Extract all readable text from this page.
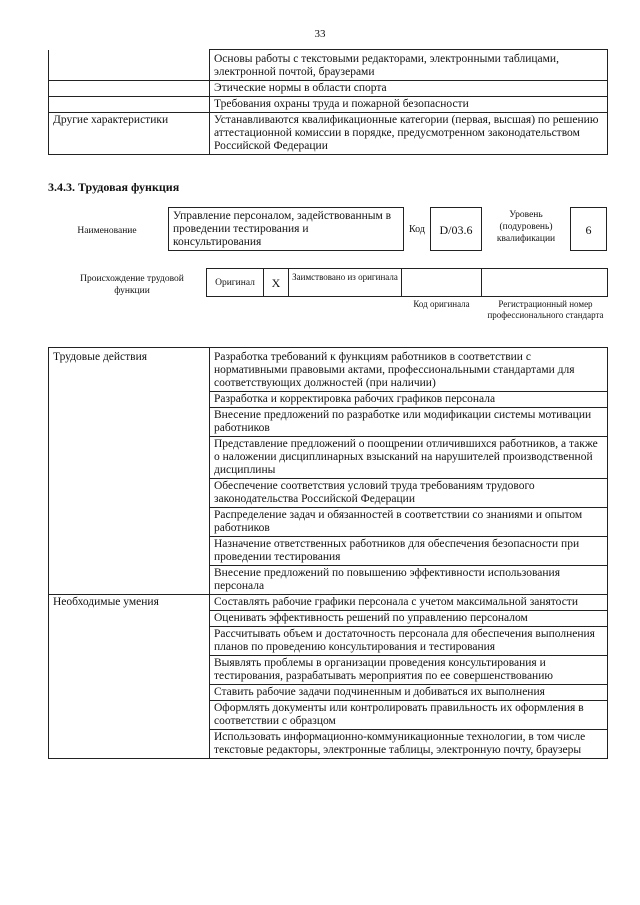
33
	Основы работы с текстовыми редакторами, электронными таблицами, электронной почтой, браузерами
	Этические нормы в области спорта
	Требования охраны труда и пожарной безопасности
Другие характеристики	Устанавливаются квалификационные категории (первая, высшая) по решению аттестационной комиссии в порядке, предусмотренном законодательством Российской Федерации
3.4.3. Трудовая функция
Наименование
Управление персоналом, задействованным в проведении тестирования и консультирования
Код	D/03.6
Уровень (подуровень) квалификации
6
Происхождение трудовой функции
Оригинал	X	Заимствовано из оригинала
Код оригинала	Регистрационный номер профессионального стандарта
Трудовые действия	Разработка требований к функциям работников в соответствии с нормативными правовыми актами, профессиональными стандартами для соответствующих должностей (при наличии)
	Разработка и корректировка рабочих графиков персонала
	Внесение предложений по разработке или модификации системы мотивации работников
	Представление предложений о поощрении отличившихся работников, а также о наложении дисциплинарных взысканий на нарушителей производственной дисциплины
	Обеспечение соответствия условий труда требованиям трудового законодательства Российской Федерации
	Распределение задач и обязанностей в соответствии со знаниями и опытом работников
	Назначение ответственных работников для обеспечения безопасности при проведении тестирования
	Внесение предложений по повышению эффективности использования персонала
Необходимые умения	Составлять рабочие графики персонала с учетом максимальной занятости
	Оценивать эффективность решений по управлению персоналом
	Рассчитывать объем и достаточность персонала для обеспечения выполнения планов по проведению консультирования и тестирования
	Выявлять проблемы в организации проведения консультирования и тестирования, разрабатывать мероприятия по ее совершенствованию
	Ставить рабочие задачи подчиненным и добиваться их выполнения
	Оформлять документы или контролировать правильность их оформления в соответствии с образцом
	Использовать информационно-коммуникационные технологии, в том числе текстовые редакторы, электронные таблицы, электронную почту, браузеры
